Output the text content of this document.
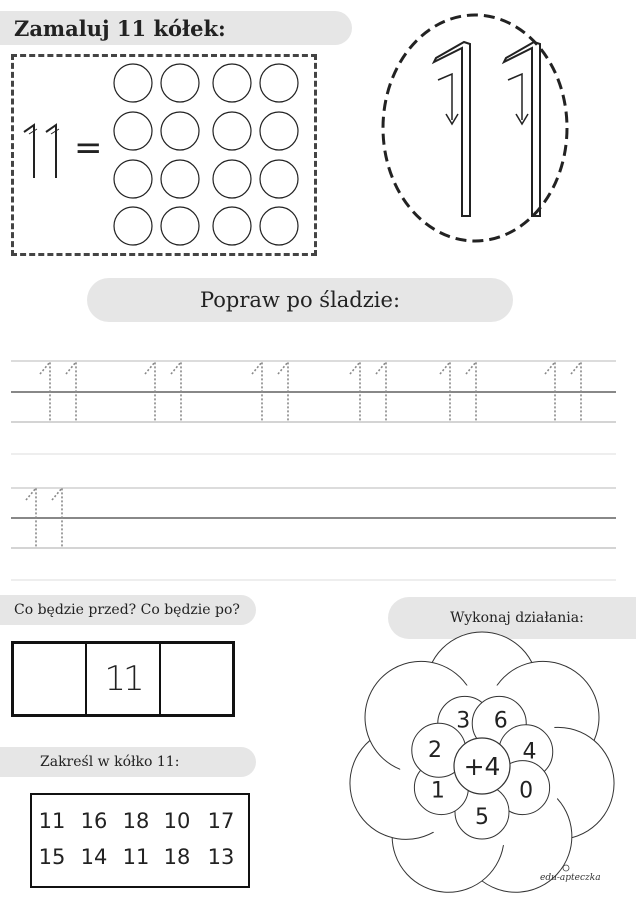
Zamaluj 11 kółek:
=
Popraw po śladzie:
Co będzie przed? Co będzie po?
11
Zakreśl w kółko 11:
11 16 18 10 17
15 14 11 18 13
Wykonaj działania:
3 6
4
0
5
1
2
+4
edu-apteczka
